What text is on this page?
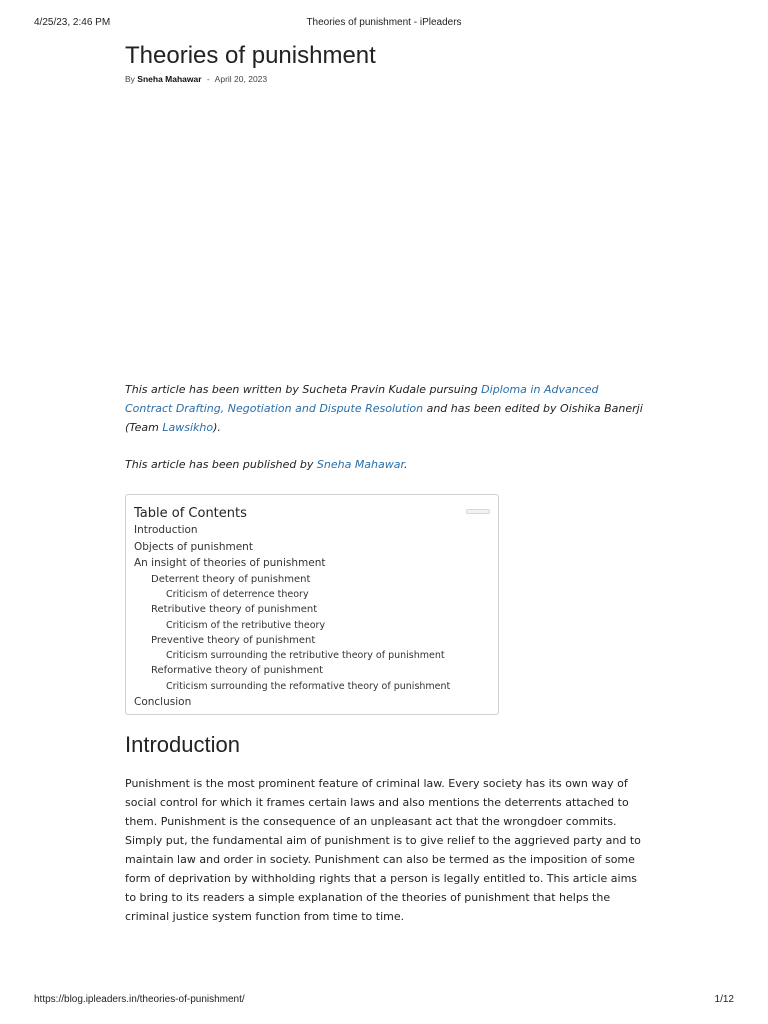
4/25/23, 2:46 PM	Theories of punishment - iPleaders
Theories of punishment
By Sneha Mahawar - April 20, 2023

This article has been written by Sucheta Pravin Kudale pursuing Diploma in Advanced Contract Drafting, Negotiation and Dispute Resolution and has been edited by Oishika Banerji (Team Lawsikho).

This article has been published by Sneha Mahawar.

Table of Contents
Introduction
Objects of punishment
An insight of theories of punishment
Deterrent theory of punishment
Criticism of deterrence theory
Retributive theory of punishment
Criticism of the retributive theory
Preventive theory of punishment
Criticism surrounding the retributive theory of punishment
Reformative theory of punishment
Criticism surrounding the reformative theory of punishment
Conclusion
Introduction

Punishment is the most prominent feature of criminal law. Every society has its own way of social control for which it frames certain laws and also mentions the deterrents attached to them. Punishment is the consequence of an unpleasant act that the wrongdoer commits. Simply put, the fundamental aim of punishment is to give relief to the aggrieved party and to maintain law and order in society. Punishment can also be termed as the imposition of some form of deprivation by withholding rights that a person is legally entitled to. This article aims to bring to its readers a simple explanation of the theories of punishment that helps the criminal justice system function from time to time.

https://blog.ipleaders.in/theories-of-punishment/	1/12
